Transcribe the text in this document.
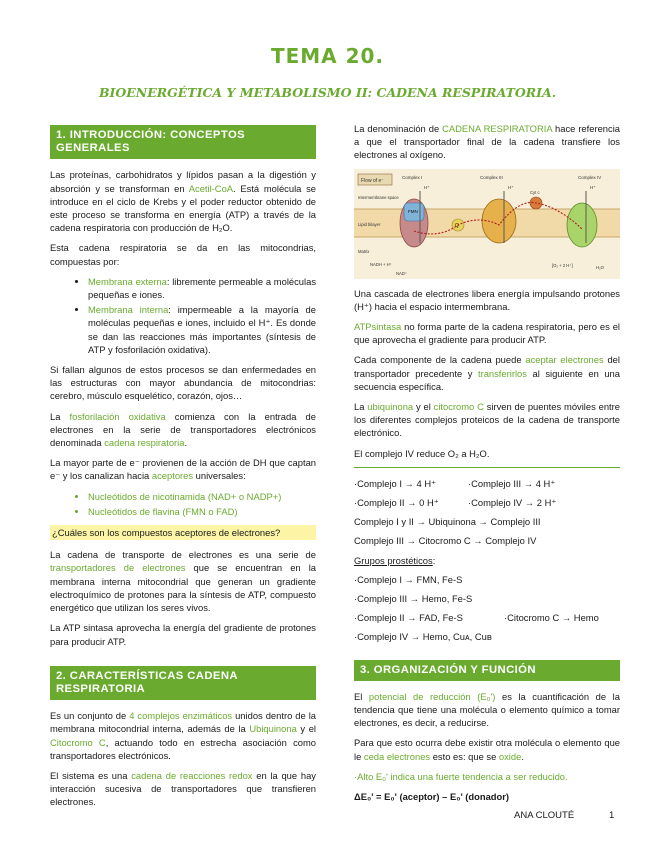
TEMA 20.
BIOENERGÉTICA Y METABOLISMO II: CADENA RESPIRATORIA.
1. INTRODUCCIÓN: CONCEPTOS GENERALES

Las proteínas, carbohidratos y lípidos pasan a la digestión y absorción y se transforman en Acetil-CoA. Está molécula se introduce en el ciclo de Krebs y el poder reductor obtenido de este proceso se transforma en energía (ATP) a través de la cadena respiratoria con producción de H₂O.

Esta cadena respiratoria se da en las mitocondrias, compuestas por:

• Membrana externa: libremente permeable a moléculas pequeñas e iones.
• Membrana interna: impermeable a la mayoría de moléculas pequeñas e iones, incluido el H⁺. Es donde se dan las reacciones más importantes (síntesis de ATP y fosforilación oxidativa).

Si fallan algunos de estos procesos se dan enfermedades en las estructuras con mayor abundancia de mitocondrias: cerebro, músculo esquelético, corazón, ojos…

La fosforilación oxidativa comienza con la entrada de electrones en la serie de transportadores electrónicos denominada cadena respiratoria.

La mayor parte de e⁻ provienen de la acción de DH que captan e⁻ y los canalizan hacia aceptores universales:

• Nucleótidos de nicotinamida (NAD+ o NADP+)
• Nucleótidos de flavina (FMN o FAD)
¿Cuáles son los compuestos aceptores de electrones?

La cadena de transporte de electrones es una serie de transportadores de electrones que se encuentran en la membrana interna mitocondrial que generan un gradiente electroquímico de protones para la síntesis de ATP, compuesto energético que utilizan los seres vivos.

La ATP sintasa aprovecha la energía del gradiente de protones para producir ATP.

2. CARACTERÍSTICAS CADENA RESPIRATORIA

Es un conjunto de 4 complejos enzimáticos unidos dentro de la membrana mitocondrial interna, además de la Ubiquinona y el Citocromo C, actuando todo en estrecha asociación como transportadores electrónicos.

El sistema es una cadena de reacciones redox en la que hay interacción sucesiva de transportadores que transfieren electrones.

La denominación de CADENA RESPIRATORIA hace referencia a que el transportador final de la cadena transfiere los electrones al oxígeno.

Flow of e⁻
Intermembrane space
Lipid bilayer
Matrix
FMN
Complex I
NADH + H⁺
NAD⁺
Q
Complex III
Cyt c
Complex IV
[O₂ + 2 H⁺]	H₂O
H⁺	H⁺	H⁺

Una cascada de electrones libera energía impulsando protones (H⁺) hacia el espacio intermembrana.

ATPsintasa no forma parte de la cadena respiratoria, pero es el que aprovecha el gradiente para producir ATP.

Cada componente de la cadena puede aceptar electrones del transportador precedente y transferirlos al siguiente en una secuencia específica.

La ubiquinona y el citocromo C sirven de puentes móviles entre los diferentes complejos proteicos de la cadena de transporte electrónico.

El complejo IV reduce O₂ a H₂O.

·Complejo I → 4 H⁺	·Complejo III → 4 H⁺
·Complejo II → 0 H⁺	·Complejo IV → 2 H⁺
Complejo I y II → Ubiquinona → Complejo III
Complejo III → Citocromo C → Complejo IV
Grupos prostéticos:
·Complejo I → FMN, Fe-S
·Complejo III → Hemo, Fe-S
·Complejo II → FAD, Fe-S	·Citocromo C → Hemo
·Complejo IV → Hemo, Cuᴀ, Cuʙ
3. ORGANIZACIÓN Y FUNCIÓN

El potencial de reducción (E₀') es la cuantificación de la tendencia que tiene una molécula o elemento químico a tomar electrones, es decir, a reducirse.

Para que esto ocurra debe existir otra molécula o elemento que le ceda electrones esto es: que se oxide.

·Alto E₀' indica una fuerte tendencia a ser reducido.

ΔE₀' = E₀' (aceptor) – E₀' (donador)

ANA CLOUTÉ	1
